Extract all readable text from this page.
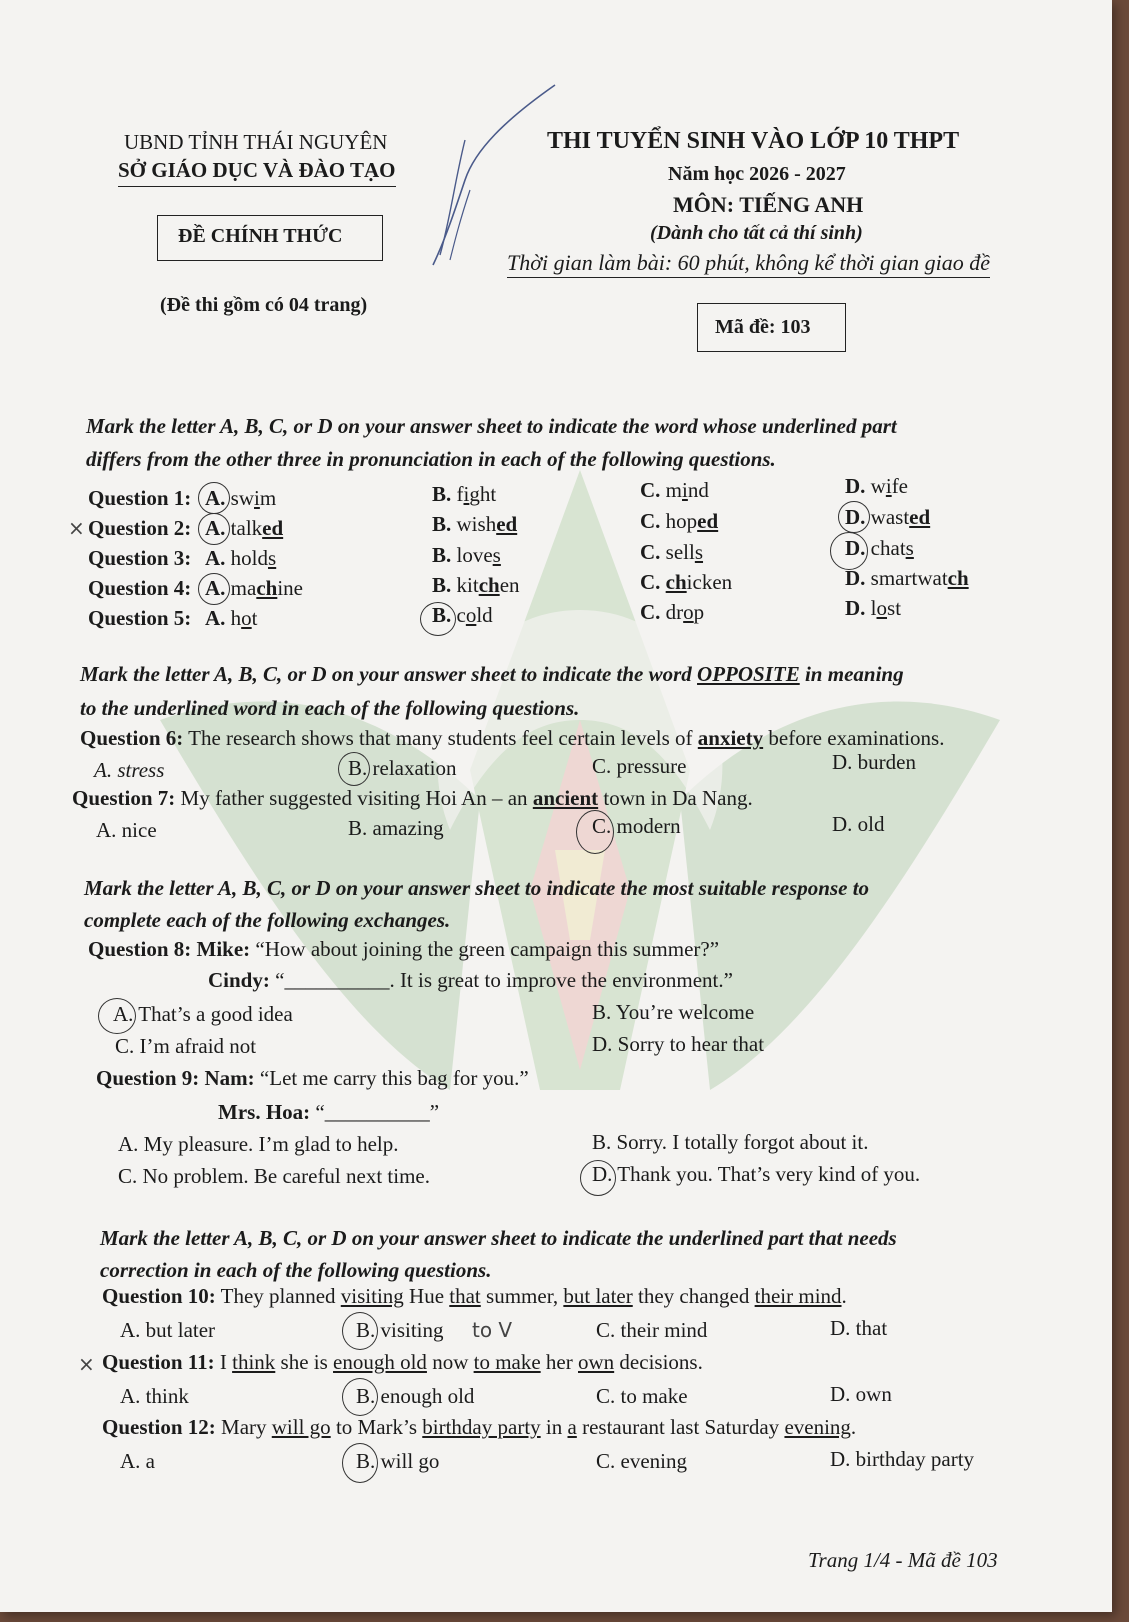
UBND TỈNH THÁI NGUYÊN
SỞ GIÁO DỤC VÀ ĐÀO TẠO
ĐỀ CHÍNH THỨC
(Đề thi gồm có 04 trang)
THI TUYỂN SINH VÀO LỚP 10 THPT
Năm học 2026 - 2027
MÔN: TIẾNG ANH
(Dành cho tất cả thí sinh)
Thời gian làm bài: 60 phút, không kể thời gian giao đề
Mã đề: 103
Mark the letter A, B, C, or D on your answer sheet to indicate the word whose underlined part
differs from the other three in pronunciation in each of the following questions.
Question 1: A. swim	B. fight	C. mind	D. wife
× Question 2: A. talked	B. wished	C. hoped	D. wasted
Question 3: A. holds	B. loves	C. sells	D. chats
Question 4: A. machine	B. kitchen	C. chicken	D. smartwatch
Question 5: A. hot	B. cold	C. drop	D. lost
Mark the letter A, B, C, or D on your answer sheet to indicate the word OPPOSITE in meaning
to the underlined word in each of the following questions.
Question 6: The research shows that many students feel certain levels of anxiety before examinations.
A. stress	B. relaxation	C. pressure	D. burden
Question 7: My father suggested visiting Hoi An – an ancient town in Da Nang.
A. nice	B. amazing	C. modern	D. old
Mark the letter A, B, C, or D on your answer sheet to indicate the most suitable response to
complete each of the following exchanges.
Question 8: Mike: “How about joining the green campaign this summer?”
Cindy: “__________. It is great to improve the environment.”
A. That’s a good idea	B. You’re welcome
C. I’m afraid not	D. Sorry to hear that
Question 9: Nam: “Let me carry this bag for you.”
Mrs. Hoa: “__________”
A. My pleasure. I’m glad to help.	B. Sorry. I totally forgot about it.
C. No problem. Be careful next time.	D. Thank you. That’s very kind of you.
Mark the letter A, B, C, or D on your answer sheet to indicate the underlined part that needs
correction in each of the following questions.
Question 10: They planned visiting Hue that summer, but later they changed their mind.
A. but later	B. visiting to V	C. their mind	D. that
× Question 11: I think she is enough old now to make her own decisions.
A. think	B. enough old	C. to make	D. own
Question 12: Mary will go to Mark’s birthday party in a restaurant last Saturday evening.
A. a	B. will go	C. evening	D. birthday party
Trang 1/4 - Mã đề 103
